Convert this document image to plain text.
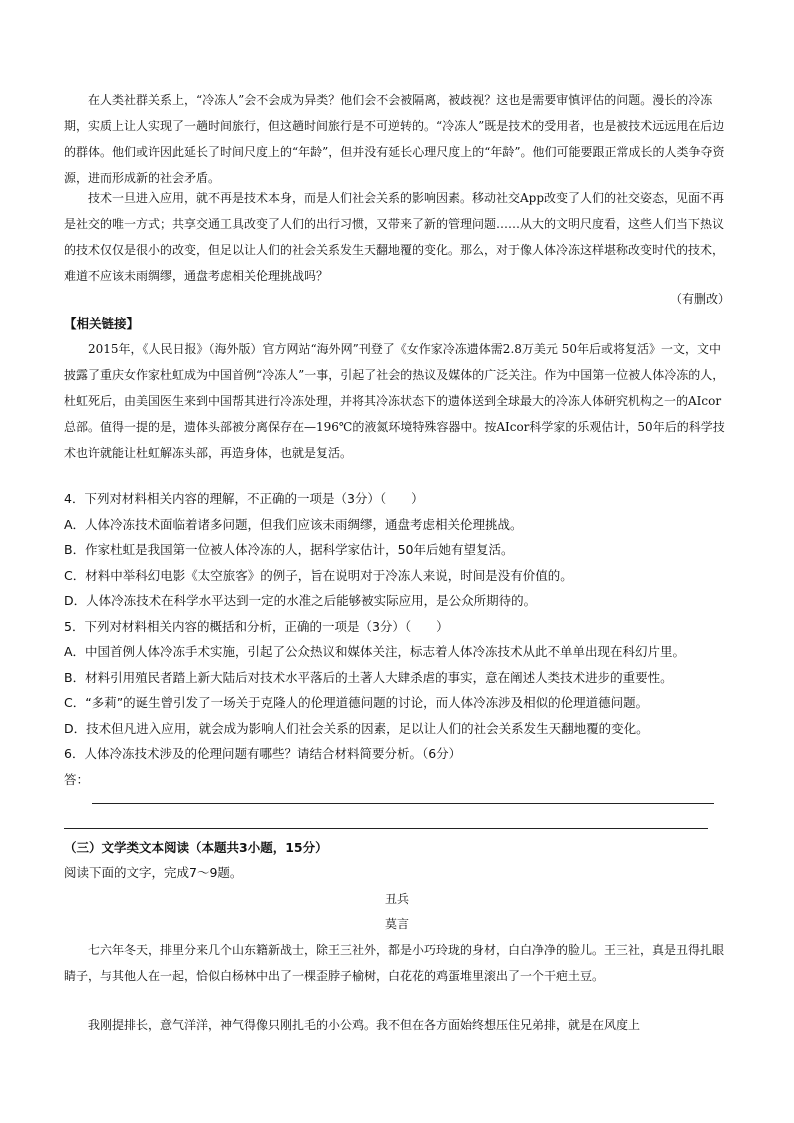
在人类社群关系上，“冷冻人”会不会成为异类？他们会不会被隔离，被歧视？这也是需要审慎评估的问题。漫长的冷冻期，实质上让人实现了一趟时间旅行，但这趟时间旅行是不可逆转的。“冷冻人”既是技术的受用者，也是被技术远远甩在后边的群体。他们或许因此延长了时间尺度上的“年龄”，但并没有延长心理尺度上的“年龄”。他们可能要跟正常成长的人类争夺资源，进而形成新的社会矛盾。

技术一旦进入应用，就不再是技术本身，而是人们社会关系的影响因素。移动社交App改变了人们的社交姿态，见面不再是社交的唯一方式；共享交通工具改变了人们的出行习惯，又带来了新的管理问题……从大的文明尺度看，这些人们当下热议的技术仅仅是很小的改变，但足以让人们的社会关系发生天翻地覆的变化。那么，对于像人体冷冻这样堪称改变时代的技术，难道不应该未雨绸缪，通盘考虑相关伦理挑战吗？

（有删改）

【相关链接】

2015年，《人民日报》（海外版）官方网站“海外网”刊登了《女作家冷冻遗体需2.8万美元 50年后或将复活》一文，文中披露了重庆女作家杜虹成为中国首例“冷冻人”一事，引起了社会的热议及媒体的广泛关注。作为中国第一位被人体冷冻的人，杜虹死后，由美国医生来到中国帮其进行冷冻处理，并将其冷冻状态下的遗体送到全球最大的冷冻人体研究机构之一的AIcor总部。值得一提的是，遗体头部被分离保存在—196℃的液氮环境特殊容器中。按AIcor科学家的乐观估计，50年后的科学技术也许就能让杜虹解冻头部，再造身体，也就是复活。

4．下列对材料相关内容的理解，不正确的一项是（3分）（　　）
A．人体冷冻技术面临着诸多问题，但我们应该未雨绸缪，通盘考虑相关伦理挑战。
B．作家杜虹是我国第一位被人体冷冻的人，据科学家估计，50年后她有望复活。
C．材料中举科幻电影《太空旅客》的例子，旨在说明对于冷冻人来说，时间是没有价值的。
D．人体冷冻技术在科学水平达到一定的水准之后能够被实际应用，是公众所期待的。
5．下列对材料相关内容的概括和分析，正确的一项是（3分）（　　）
A．中国首例人体冷冻手术实施，引起了公众热议和媒体关注，标志着人体冷冻技术从此不单单出现在科幻片里。
B．材料引用殖民者踏上新大陆后对技术水平落后的土著人大肆杀虐的事实，意在阐述人类技术进步的重要性。
C．“多莉”的诞生曾引发了一场关于克隆人的伦理道德问题的讨论，而人体冷冻涉及相似的伦理道德问题。
D．技术但凡进入应用，就会成为影响人们社会关系的因素，足以让人们的社会关系发生天翻地覆的变化。
6．人体冷冻技术涉及的伦理问题有哪些？请结合材料简要分析。（6分）
答：

（三）文学类文本阅读（本题共3小题，15分）

阅读下面的文字，完成7～9题。

丑兵

莫言

七六年冬天，排里分来几个山东籍新战士，除王三社外，都是小巧玲珑的身材，白白净净的脸儿。王三社，真是丑得扎眼睛子，与其他人在一起，恰似白杨林中出了一棵歪脖子榆树，白花花的鸡蛋堆里滚出了一个干疤土豆。

我刚提排长，意气洋洋，神气得像只刚扎毛的小公鸡。我不但在各方面始终想压住兄弟排，就是在风度上
